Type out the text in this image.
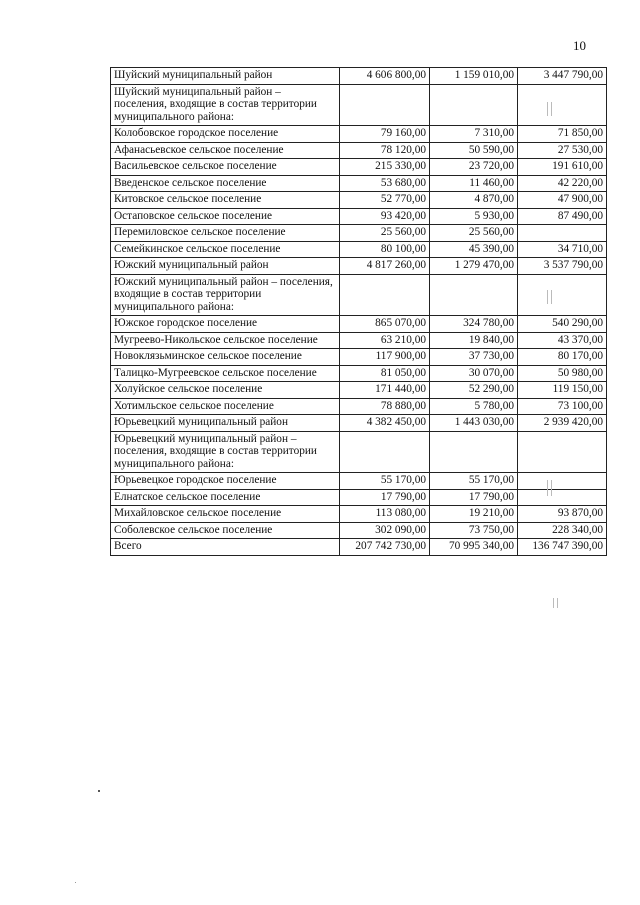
10
Шуйский муниципальный район	4 606 800,00	1 159 010,00	3 447 790,00
Шуйский муниципальный район – поселения, входящие в состав территории муниципального района:			
Колобовское городское поселение	79 160,00	7 310,00	71 850,00
Афанасьевское сельское поселение	78 120,00	50 590,00	27 530,00
Васильевское сельское поселение	215 330,00	23 720,00	191 610,00
Введенское сельское поселение	53 680,00	11 460,00	42 220,00
Китовское сельское поселение	52 770,00	4 870,00	47 900,00
Остаповское сельское поселение	93 420,00	5 930,00	87 490,00
Перемиловское сельское поселение	25 560,00	25 560,00	
Семейкинское сельское поселение	80 100,00	45 390,00	34 710,00
Южский муниципальный район	4 817 260,00	1 279 470,00	3 537 790,00
Южский муниципальный район – поселения, входящие в состав территории муниципального района:			
Южское городское поселение	865 070,00	324 780,00	540 290,00
Мугреево-Никольское сельское поселение	63 210,00	19 840,00	43 370,00
Новоклязьминское сельское поселение	117 900,00	37 730,00	80 170,00
Талицко-Мугреевское сельское поселение	81 050,00	30 070,00	50 980,00
Холуйское сельское поселение	171 440,00	52 290,00	119 150,00
Хотимльское сельское поселение	78 880,00	5 780,00	73 100,00
Юрьевецкий муниципальный район	4 382 450,00	1 443 030,00	2 939 420,00
Юрьевецкий муниципальный район – поселения, входящие в состав территории муниципального района:			
Юрьевецкое городское поселение	55 170,00	55 170,00	
Елнатское сельское поселение	17 790,00	17 790,00	
Михайловское сельское поселение	113 080,00	19 210,00	93 870,00
Соболевское сельское поселение	302 090,00	73 750,00	228 340,00
Всего	207 742 730,00	70 995 340,00	136 747 390,00
